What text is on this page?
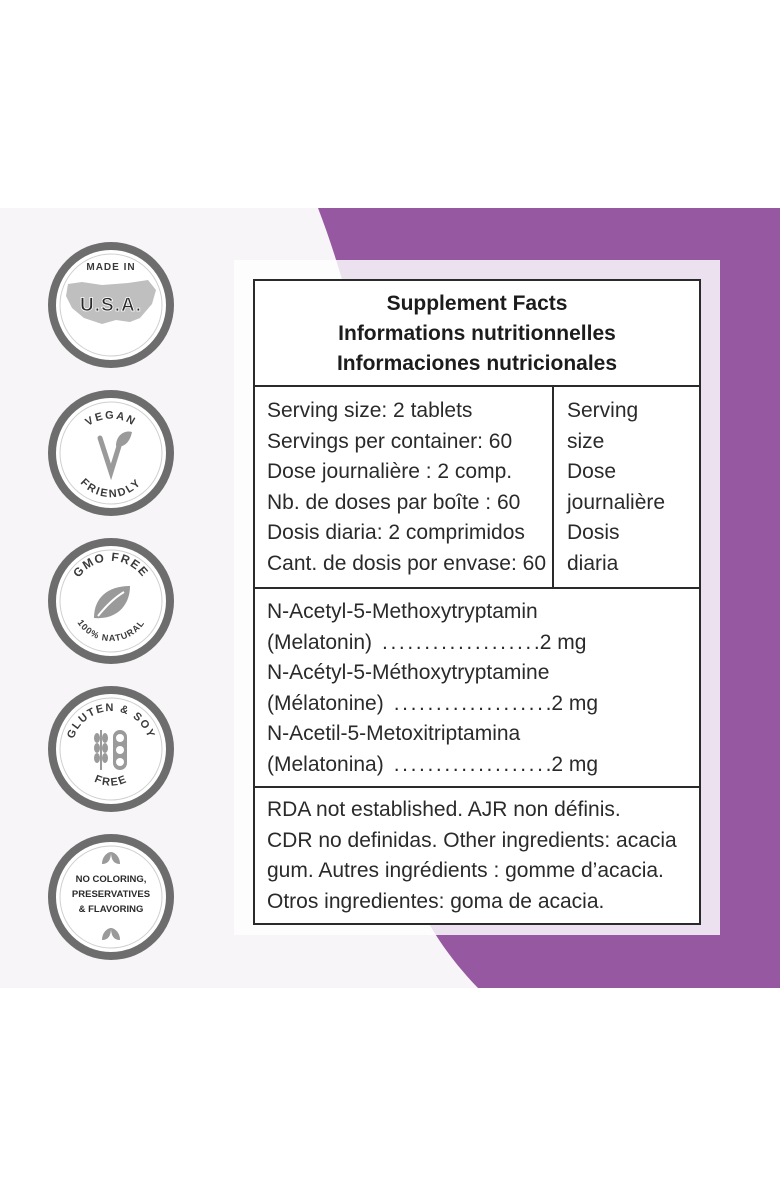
MADE IN
U.S.A.
VEGAN
FRIENDLY
GMO FREE
100% NATURAL
GLUTEN & SOY
FREE
NO COLORING,
PRESERVATIVES
& FLAVORING
Supplement Facts
Informations nutritionnelles
Informaciones nutricionales
Serving size: 2 tablets
Servings per container: 60
Dose journalière : 2 comp.
Nb. de doses par boîte : 60
Dosis diaria: 2 comprimidos
Cant. de dosis por envase: 60
Serving
size
Dose
journalière
Dosis
diaria
N-Acetyl-5-Methoxytryptamin
(Melatonin) .................. .2 mg
N-Acétyl-5-Méthoxytryptamine
(Mélatonine) .................. .2 mg
N-Acetil-5-Metoxitriptamina
(Melatonina) .................. .2 mg
RDA not established. AJR non définis.
CDR no definidas. Other ingredients: acacia
gum. Autres ingrédients : gomme d’acacia.
Otros ingredientes: goma de acacia.
